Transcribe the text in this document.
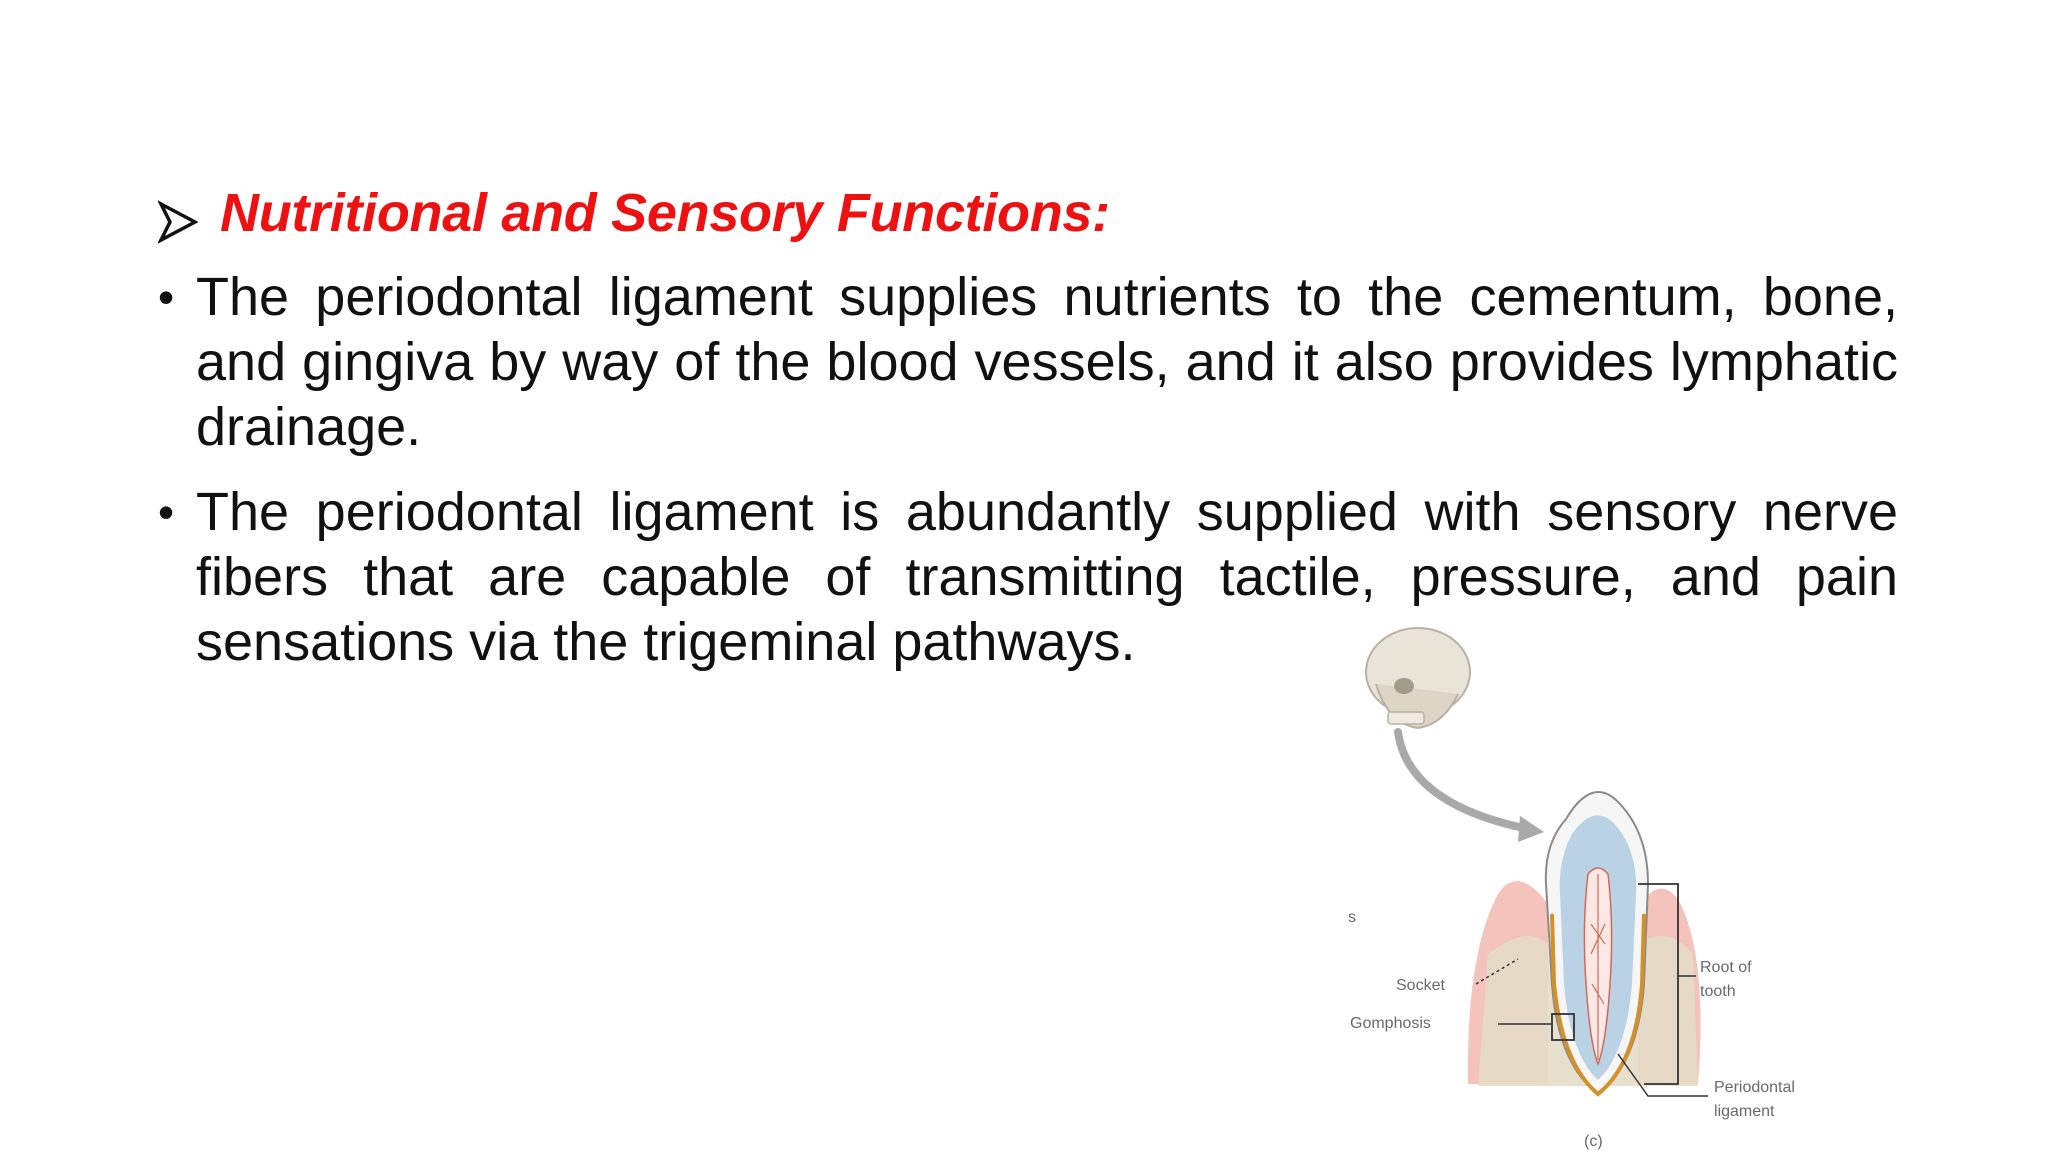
Nutritional and Sensory Functions:
• The periodontal ligament supplies nutrients to the cementum, bone, and gingiva by way of the blood vessels, and it also provides lymphatic drainage.
• The periodontal ligament is abundantly supplied with sensory nerve fibers that are capable of transmitting tactile, pressure, and pain sensations via the trigeminal pathways.
s
Socket
Gomphosis
Root of
tooth
Periodontal
ligament
(c)
